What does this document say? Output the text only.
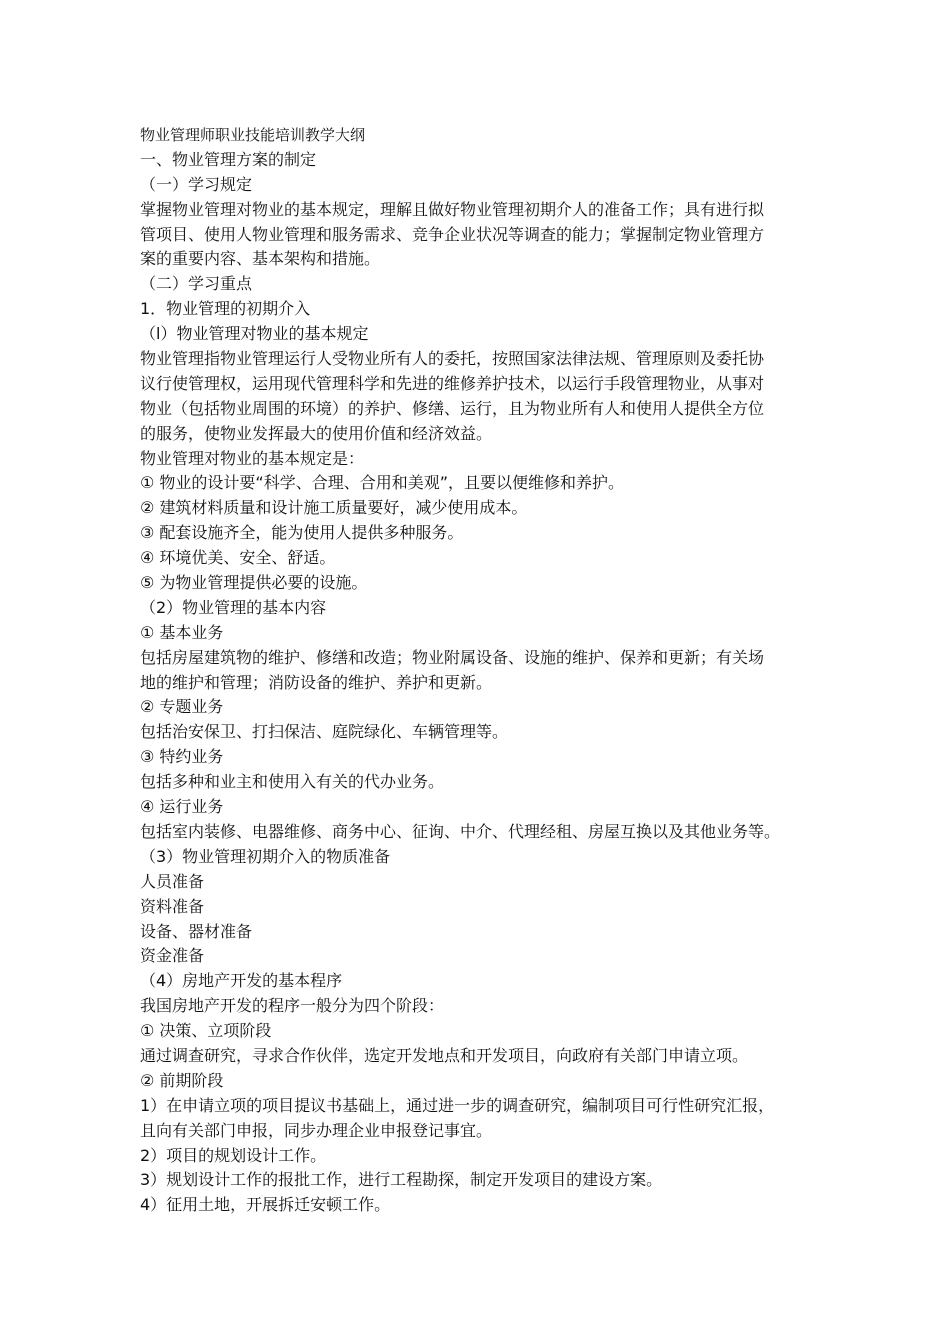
物业管理师职业技能培训教学大纲
一、物业管理方案的制定
（一）学习规定
掌握物业管理对物业的基本规定，理解且做好物业管理初期介人的准备工作；具有进行拟
管项目、使用人物业管理和服务需求、竞争企业状况等调查的能力；掌握制定物业管理方
案的重要内容、基本架构和措施。
（二）学习重点
1．物业管理的初期介入
（l）物业管理对物业的基本规定
物业管理指物业管理运行人受物业所有人的委托，按照国家法律法规、管理原则及委托协
议行使管理权，运用现代管理科学和先进的维修养护技术，以运行手段管理物业，从事对
物业（包括物业周围的环境）的养护、修缮、运行，且为物业所有人和使用人提供全方位
的服务，使物业发挥最大的使用价值和经济效益。
物业管理对物业的基本规定是：
① 物业的设计要“科学、合理、合用和美观”，且要以便维修和养护。
② 建筑材料质量和设计施工质量要好，减少使用成本。
③ 配套设施齐全，能为使用人提供多种服务。
④ 环境优美、安全、舒适。
⑤ 为物业管理提供必要的设施。
（2）物业管理的基本内容
① 基本业务
包括房屋建筑物的维护、修缮和改造；物业附属设备、设施的维护、保养和更新；有关场
地的维护和管理；消防设备的维护、养护和更新。
② 专题业务
包括治安保卫、打扫保洁、庭院绿化、车辆管理等。
③ 特约业务
包括多种和业主和使用入有关的代办业务。
④ 运行业务
包括室内装修、电器维修、商务中心、征询、中介、代理经租、房屋互换以及其他业务等。
（3）物业管理初期介入的物质准备
人员准备
资料准备
设备、器材准备
资金准备
（4）房地产开发的基本程序
我国房地产开发的程序一般分为四个阶段：
① 决策、立项阶段
通过调查研究，寻求合作伙伴，选定开发地点和开发项目，向政府有关部门申请立项。
② 前期阶段
1）在申请立项的项目提议书基础上，通过进一步的调查研究，编制项目可行性研究汇报，
且向有关部门申报，同步办理企业申报登记事宜。
2）项目的规划设计工作。
3）规划设计工作的报批工作，进行工程勘探，制定开发项目的建设方案。
4）征用土地，开展拆迁安顿工作。
